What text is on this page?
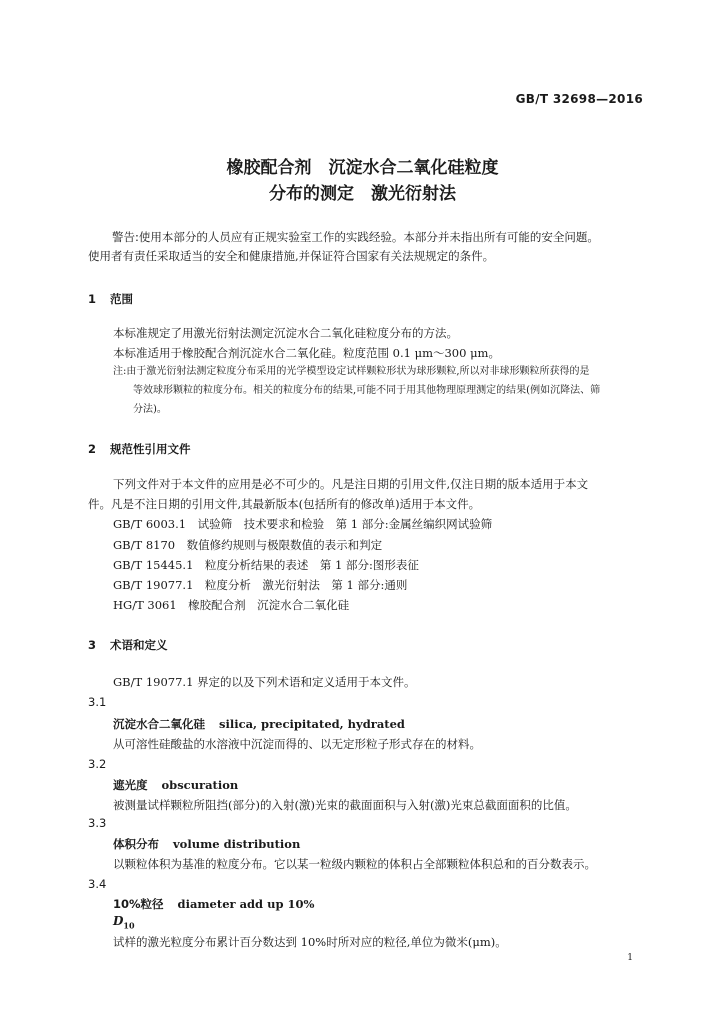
GB/T 32698—2016
橡胶配合剂　沉淀水合二氧化硅粒度
分布的测定　激光衍射法
警告:使用本部分的人员应有正规实验室工作的实践经验。本部分并未指出所有可能的安全问题。
使用者有责任采取适当的安全和健康措施,并保证符合国家有关法规规定的条件。
1 范围
本标准规定了用激光衍射法测定沉淀水合二氧化硅粒度分布的方法。
本标准适用于橡胶配合剂沉淀水合二氧化硅。粒度范围 0.1 μm～300 μm。
注:由于激光衍射法测定粒度分布采用的光学模型设定试样颗粒形状为球形颗粒,所以对非球形颗粒所获得的是
等效球形颗粒的粒度分布。相关的粒度分布的结果,可能不同于用其他物理原理测定的结果(例如沉降法、筛
分法)。
2 规范性引用文件
下列文件对于本文件的应用是必不可少的。凡是注日期的引用文件,仅注日期的版本适用于本文
件。凡是不注日期的引用文件,其最新版本(包括所有的修改单)适用于本文件。
GB/T 6003.1　试验筛　技术要求和检验　第 1 部分:金属丝编织网试验筛
GB/T 8170　数值修约规则与极限数值的表示和判定
GB/T 15445.1　粒度分析结果的表述　第 1 部分:图形表征
GB/T 19077.1　粒度分析　激光衍射法　第 1 部分:通则
HG/T 3061　橡胶配合剂　沉淀水合二氧化硅
3 术语和定义
GB/T 19077.1 界定的以及下列术语和定义适用于本文件。
3.1
沉淀水合二氧化硅 silica, precipitated, hydrated
从可溶性硅酸盐的水溶液中沉淀而得的、以无定形粒子形式存在的材料。
3.2
遮光度 obscuration
被测量试样颗粒所阻挡(部分)的入射(激)光束的截面面积与入射(激)光束总截面面积的比值。
3.3
体积分布 volume distribution
以颗粒体积为基准的粒度分布。它以某一粒级内颗粒的体积占全部颗粒体积总和的百分数表示。
3.4
10%粒径 diameter add up 10%
$D_{10}$
试样的激光粒度分布累计百分数达到 10%时所对应的粒径,单位为微米(μm)。
1
